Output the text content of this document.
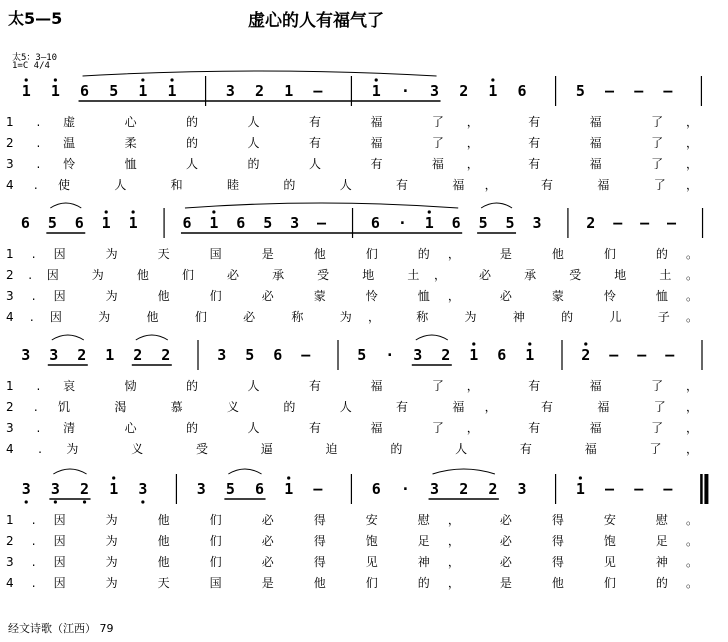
太5—5	虚心的人有福气了
太5：3—10
1=C 4/4
1 1 6 5 1 1	3 2 1 –	1 · 3 2 1 6	5 – – –
1.虚 心 的 人 有 福 了， 有 福 了，
2.温 柔 的 人 有 福 了， 有 福 了，
3.怜 恤 人 的 人 有 福， 有 福 了，
4.使 人 和 睦 的 人 有 福， 有 福 了，
6 5 6 1 1	6 1 6 5 3 –	6 · 1 6 5 5 3	2 – – –
1.因 为 天 国 是 他 们 的， 是 他 们 的。
2.因 为 他 们 必 承 受 地 土， 必 承 受 地 土。
3.因 为 他 们 必 蒙 怜 恤， 必 蒙 怜 恤。
4.因 为 他 们 必 称 为， 称 为 神 的 儿 子。
3 3 2 1 2 2	3 5 6 –	5 · 3 2 1 6 1	2 – – –
1.哀 恸 的 人 有 福 了， 有 福 了，
2.饥 渴 慕 义 的 人 有 福， 有 福 了，
3.清 心 的 人 有 福 了， 有 福 了，
4.为 义 受 逼 迫 的 人 有 福 了，
3 3 2 1 3	3 5 6 1 –	6 · 3 2 2 3	1 – – –
1.因 为 他 们 必 得 安 慰， 必 得 安 慰。
2.因 为 他 们 必 得 饱 足， 必 得 饱 足。
3.因 为 他 们 必 得 见 神， 必 得 见 神。
4.因 为 天 国 是 他 们 的， 是 他 们 的。
经文诗歌（江西） 79
